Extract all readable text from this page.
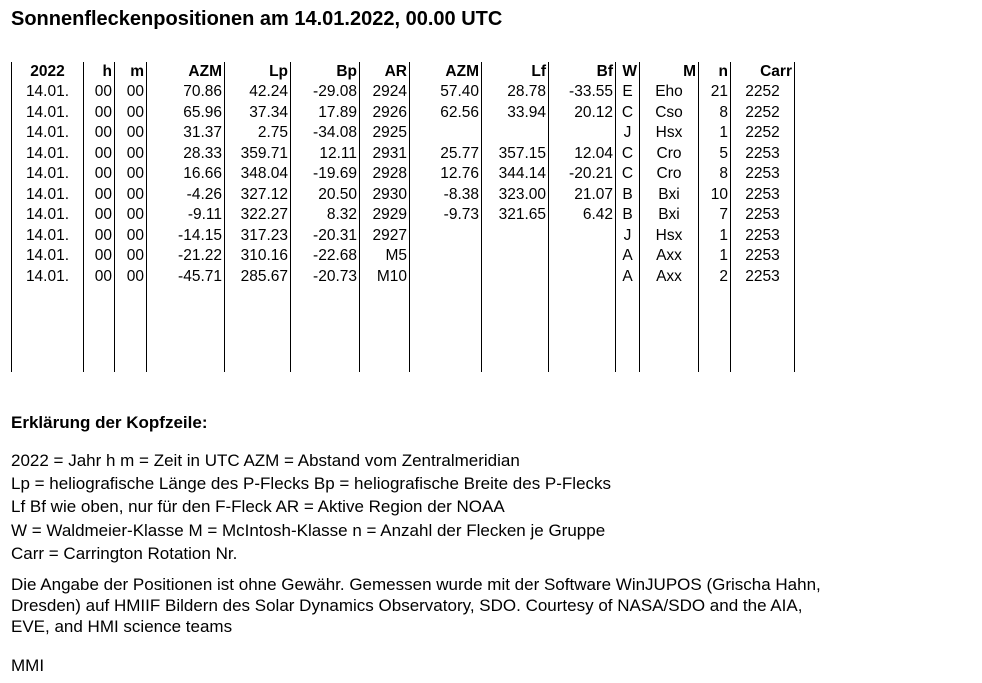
Sonnenfleckenpositionen am 14.01.2022, 00.00 UTC
2022
14.01.
14.01.
14.01.
14.01.
14.01.
14.01.
14.01.
14.01.
14.01.
14.01.
h
00
00
00
00
00
00
00
00
00
00
m
00
00
00
00
00
00
00
00
00
00
AZM
70.86
65.96
31.37
28.33
16.66
-4.26
-9.11
-14.15
-21.22
-45.71
Lp
42.24
37.34
2.75
359.71
348.04
327.12
322.27
317.23
310.16
285.67
Bp
-29.08
17.89
-34.08
12.11
-19.69
20.50
8.32
-20.31
-22.68
-20.73
AR
2924
2926
2925
2931
2928
2930
2929
2927
M5
M10
AZM
57.40
62.56
25.77
12.76
-8.38
-9.73
Lf
28.78
33.94
357.15
344.14
323.00
321.65
Bf
-33.55
20.12
12.04
-20.21
21.07
6.42
W
E
C
J
C
C
B
B
J
A
A
M
Eho
Cso
Hsx
Cro
Cro
Bxi
Bxi
Hsx
Axx
Axx
n
21
8
1
5
8
10
7
1
1
2
Carr
2252
2252
2252
2253
2253
2253
2253
2253
2253
2253
Erklärung der Kopfzeile:
2022 = Jahr h m = Zeit in UTC AZM = Abstand vom Zentralmeridian
Lp = heliografische Länge des P-Flecks Bp = heliografische Breite des P-Flecks
Lf Bf wie oben, nur für den F-Fleck AR = Aktive Region der NOAA
W = Waldmeier-Klasse M = McIntosh-Klasse n = Anzahl der Flecken je Gruppe
Carr = Carrington Rotation Nr.
Die Angabe der Positionen ist ohne Gewähr. Gemessen wurde mit der Software WinJUPOS (Grischa Hahn,
Dresden) auf HMIIF Bildern des Solar Dynamics Observatory, SDO. Courtesy of NASA/SDO and the AIA,
EVE, and HMI science teams
MMI
